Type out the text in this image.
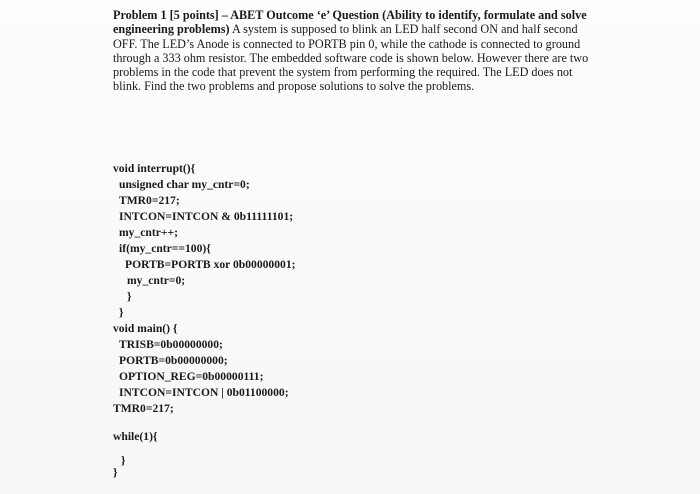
Problem 1 [5 points] – ABET Outcome ‘e’ Question (Ability to identify, formulate and solve engineering problems) A system is supposed to blink an LED half second ON and half second OFF. The LED’s Anode is connected to PORTB pin 0, while the cathode is connected to ground through a 333 ohm resistor. The embedded software code is shown below. However there are two problems in the code that prevent the system from performing the required. The LED does not blink. Find the two problems and propose solutions to solve the problems.
void interrupt(){
unsigned char my_cntr=0;
TMR0=217;
INTCON=INTCON & 0b11111101;
my_cntr++;
if(my_cntr==100){
PORTB=PORTB xor 0b00000001;
my_cntr=0;
}
}
void main() {
TRISB=0b00000000;
PORTB=0b00000000;
OPTION_REG=0b00000111;
INTCON=INTCON | 0b01100000;
TMR0=217;
while(1){
}
}
